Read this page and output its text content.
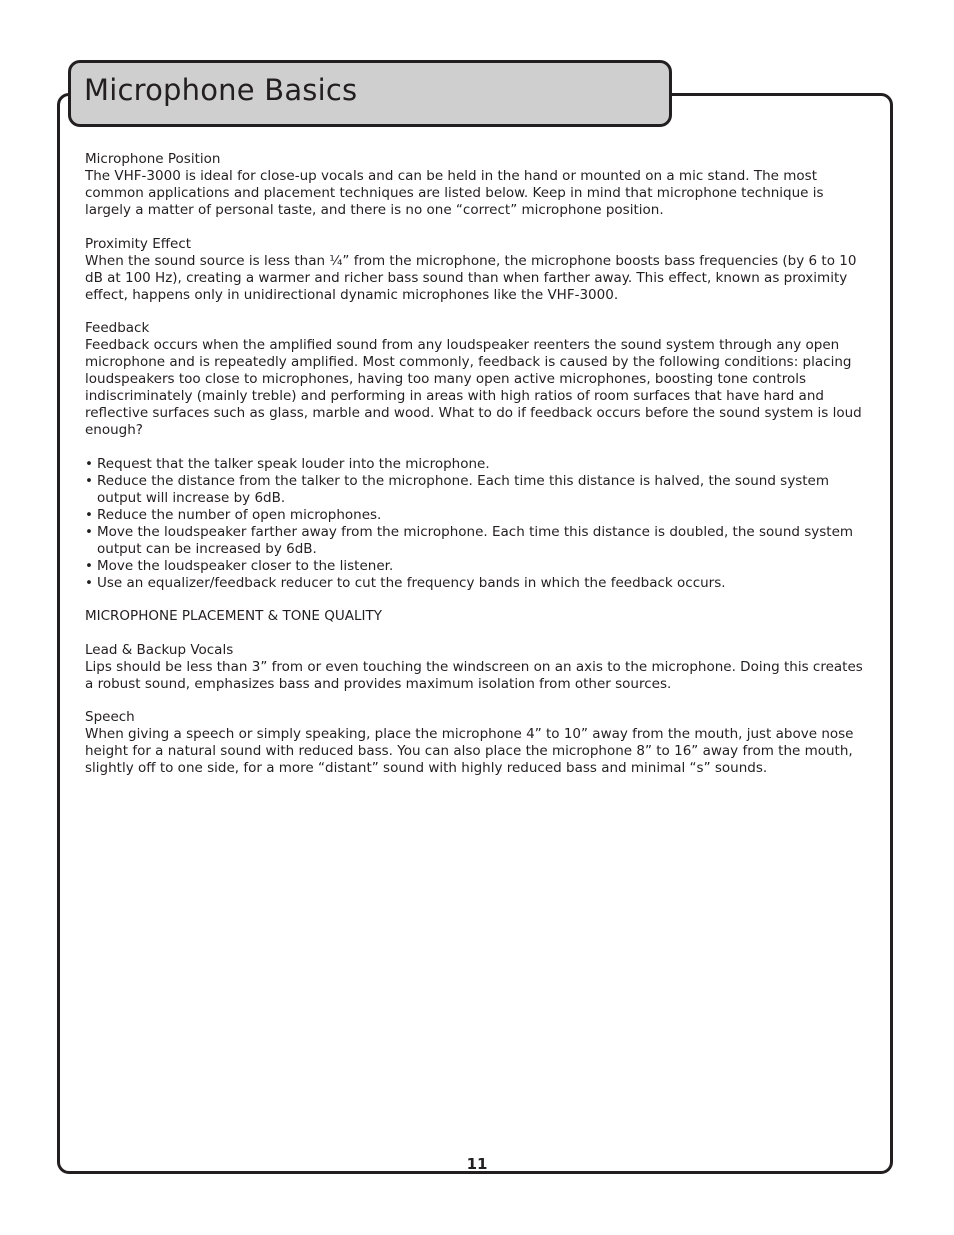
Microphone Basics

Microphone Position

The VHF-3000 is ideal for close-up vocals and can be held in the hand or mounted on a mic stand. The most common applications and placement techniques are listed below. Keep in mind that microphone technique is largely a matter of personal taste, and there is no one “correct” microphone position.

Proximity Effect

When the sound source is less than ¼” from the microphone, the microphone boosts bass frequencies (by 6 to 10 dB at 100 Hz), creating a warmer and richer bass sound than when farther away. This effect, known as proximity effect, happens only in unidirectional dynamic microphones like the VHF-3000.

Feedback

Feedback occurs when the amplified sound from any loudspeaker reenters the sound system through any open microphone and is repeatedly amplified. Most commonly, feedback is caused by the following conditions: placing loudspeakers too close to microphones, having too many open active microphones, boosting tone controls indiscriminately (mainly treble) and performing in areas with high ratios of room surfaces that have hard and reflective surfaces such as glass, marble and wood. What to do if feedback occurs before the sound system is loud enough?

• Request that the talker speak louder into the microphone.
• Reduce the distance from the talker to the microphone. Each time this distance is halved, the sound system output will increase by 6dB.
• Reduce the number of open microphones.
• Move the loudspeaker farther away from the microphone. Each time this distance is doubled, the sound system output can be increased by 6dB.
• Move the loudspeaker closer to the listener.
• Use an equalizer/feedback reducer to cut the frequency bands in which the feedback occurs.

MICROPHONE PLACEMENT & TONE QUALITY

Lead & Backup Vocals

Lips should be less than 3” from or even touching the windscreen on an axis to the microphone. Doing this creates a robust sound, emphasizes bass and provides maximum isolation from other sources.

Speech

When giving a speech or simply speaking, place the microphone 4” to 10” away from the mouth, just above nose height for a natural sound with reduced bass. You can also place the microphone 8” to 16” away from the mouth, slightly off to one side, for a more “distant” sound with highly reduced bass and minimal “s” sounds.

11
